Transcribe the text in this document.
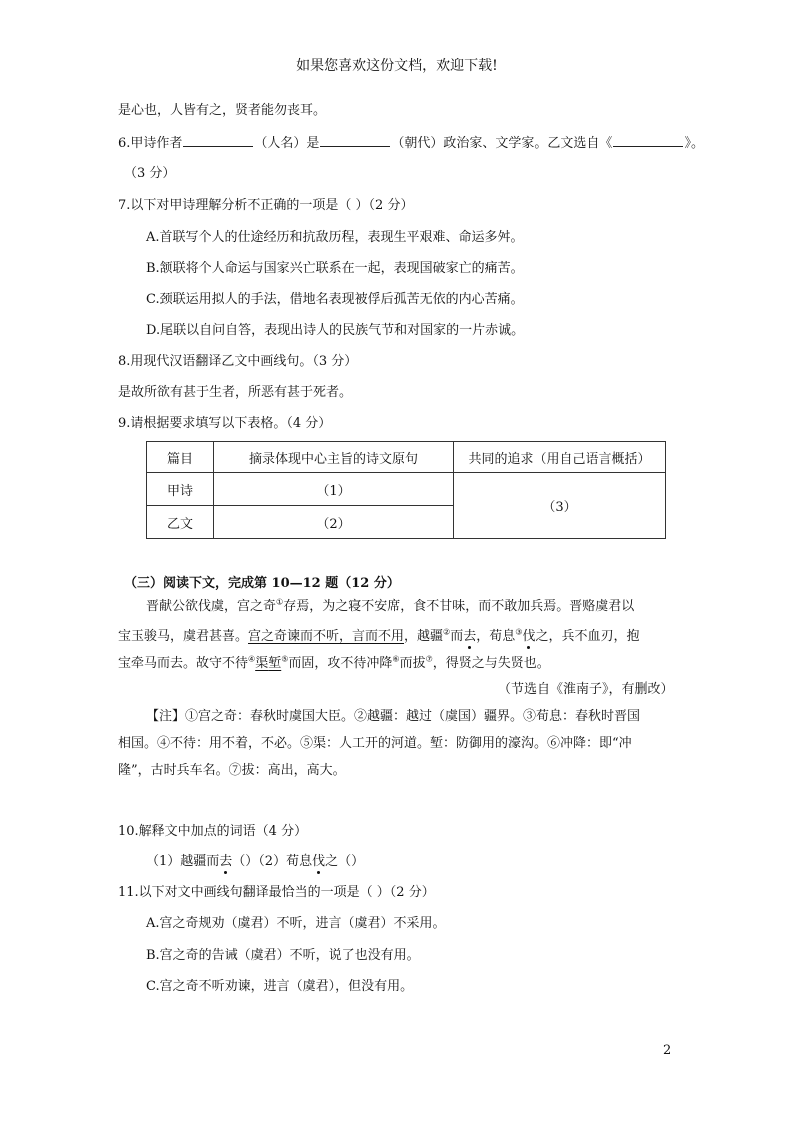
如果您喜欢这份文档，欢迎下载!
是心也，人皆有之，贤者能勿丧耳。
6.甲诗作者	（人名）是	（朝代）政治家、文学家。乙文选自《	》。
（3 分）
7.以下对甲诗理解分析不正确的一项是（ ）（2 分）
A.首联写个人的仕途经历和抗敌历程，表现生平艰难、命运多舛。
B.颔联将个人命运与国家兴亡联系在一起，表现国破家亡的痛苦。
C.颈联运用拟人的手法，借地名表现被俘后孤苦无依的内心苦痛。
D.尾联以自问自答，表现出诗人的民族气节和对国家的一片赤诚。
8.用现代汉语翻译乙文中画线句。（3 分）
是故所欲有甚于生者，所恶有甚于死者。
9.请根据要求填写以下表格。（4 分）
篇目	摘录体现中心主旨的诗文原句	共同的追求（用自己语言概括）
甲诗	（1）	（3）
乙文	（2）	
（三）阅读下文，完成第 10—12 题（12 分）
晋献公欲伐虞，宫之奇①存焉，为之寝不安席，食不甘味，而不敢加兵焉。晋赂虞君以
宝玉骏马，虞君甚喜。宫之奇谏而不听，言而不用，越疆②而去，荀息③伐之，兵不血刃，抱
宝牵马而去。故守不待④渠堑⑤而固，攻不待冲降⑥而拔⑦，得贤之与失贤也。
（节选自《淮南子》，有删改）
【注】①宫之奇：春秋时虞国大臣。②越疆：越过（虞国）疆界。③荀息：春秋时晋国
相国。④不待：用不着，不必。⑤渠：人工开的河道。堑：防御用的濠沟。⑥冲降：即“冲
隆”，古时兵车名。⑦拔：高出，高大。
10.解释文中加点的词语（4 分）
（1）越疆而去（）（2）荀息伐之（）
11.以下对文中画线句翻译最恰当的一项是（ ）（2 分）
A.宫之奇规劝（虞君）不听，进言（虞君）不采用。
B.宫之奇的告诫（虞君）不听，说了也没有用。
C.宫之奇不听劝谏，进言（虞君），但没有用。
2
